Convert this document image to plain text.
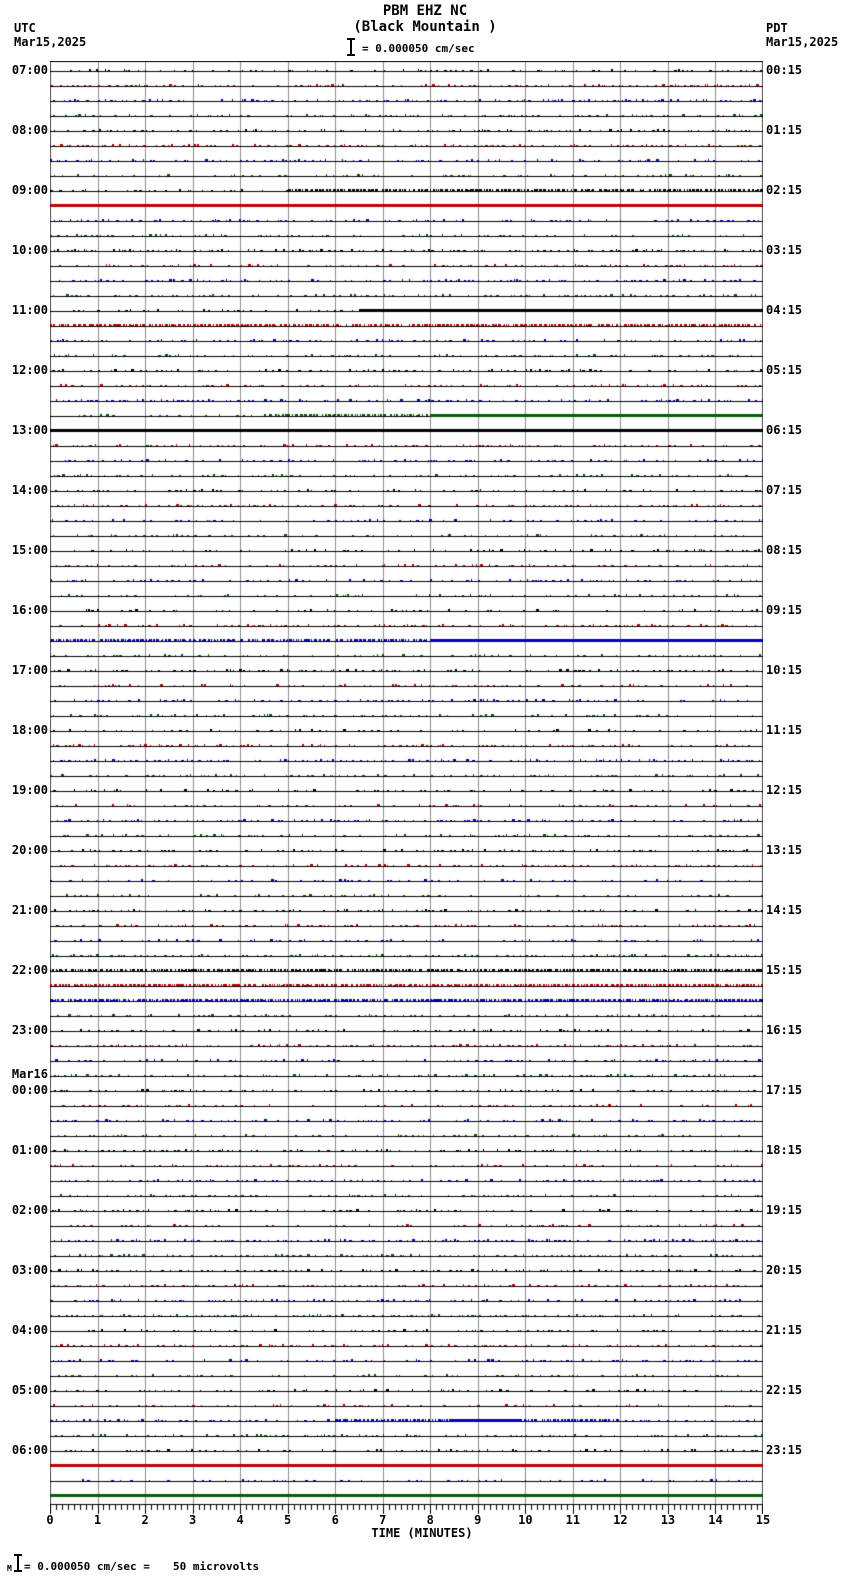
PBM EHZ NC
(Black Mountain )
UTC
Mar15,2025
PDT
Mar15,2025
= 0.000050 cm/sec
07:00	00:15
08:00	01:15
09:00	02:15
10:00	03:15
11:00	04:15
12:00	05:15
13:00	06:15
14:00	07:15
15:00	08:15
16:00	09:15
17:00	10:15
18:00	11:15
19:00	12:15
20:00	13:15
21:00	14:15
22:00	15:15
23:00	16:15
00:00	17:15
Mar16
01:00	18:15
02:00	19:15
03:00	20:15
04:00	21:15
05:00	22:15
06:00	23:15
0	1	2	3	4	5	6	7	8	9	10	11	12	13	14	15
TIME (MINUTES)
M = 0.000050 cm/sec = 50 microvolts
